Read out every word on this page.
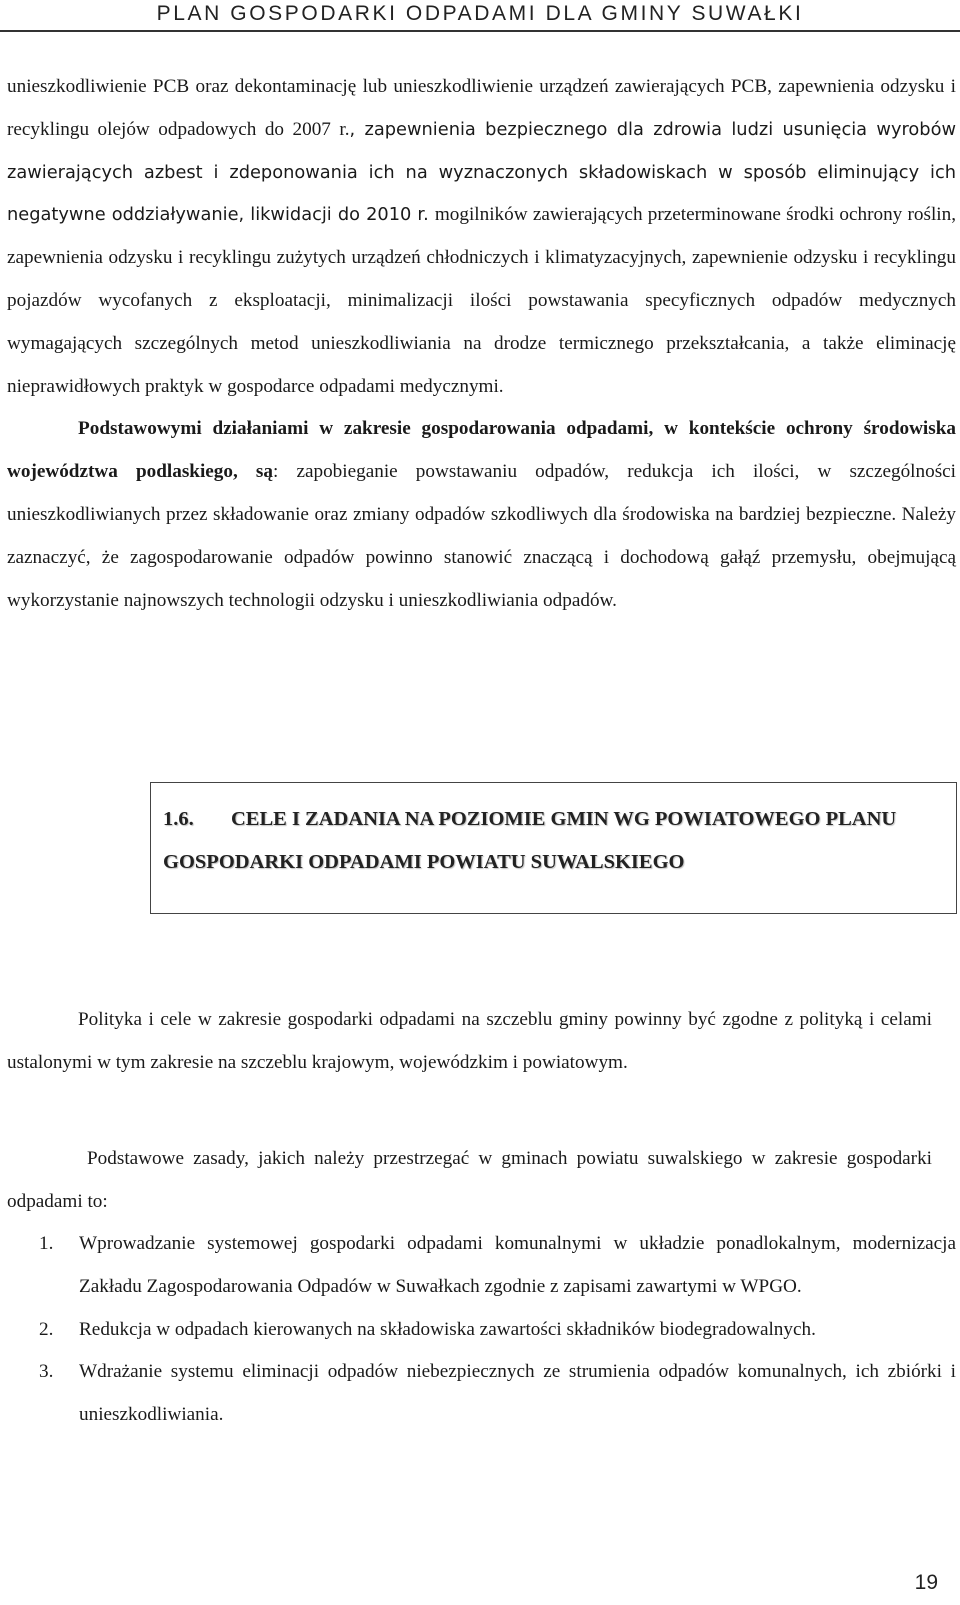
PLAN GOSPODARKI ODPADAMI DLA GMINY SUWAŁKI

unieszkodliwienie PCB oraz dekontaminację lub unieszkodliwienie urządzeń zawierających PCB, zapewnienia odzysku i recyklingu olejów odpadowych do 2007 r., zapewnienia bezpiecznego dla zdrowia ludzi usunięcia wyrobów zawierających azbest i zdeponowania ich na wyznaczonych składowiskach w sposób eliminujący ich negatywne oddziaływanie, likwidacji do 2010 r. mogilników zawierających przeterminowane środki ochrony roślin, zapewnienia odzysku i recyklingu zużytych urządzeń chłodniczych i klimatyzacyjnych, zapewnienie odzysku i recyklingu pojazdów wycofanych z eksploatacji, minimalizacji ilości powstawania specyficznych odpadów medycznych wymagających szczególnych metod unieszkodliwiania na drodze termicznego przekształcania, a także eliminację nieprawidłowych praktyk w gospodarce odpadami medycznymi.

Podstawowymi działaniami w zakresie gospodarowania odpadami, w kontekście ochrony środowiska województwa podlaskiego, są: zapobieganie powstawaniu odpadów, redukcja ich ilości, w szczególności unieszkodliwianych przez składowanie oraz zmiany odpadów szkodliwych dla środowiska na bardziej bezpieczne. Należy zaznaczyć, że zagospodarowanie odpadów powinno stanowić znaczącą i dochodową gałąź przemysłu, obejmującą wykorzystanie najnowszych technologii odzysku i unieszkodliwiania odpadów.

1.6. CELE I ZADANIA NA POZIOMIE GMIN WG POWIATOWEGO PLANU GOSPODARKI ODPADAMI POWIATU SUWALSKIEGO

Polityka i cele w zakresie gospodarki odpadami na szczeblu gminy powinny być zgodne z polityką i celami ustalonymi w tym zakresie na szczeblu krajowym, wojewódzkim i powiatowym.

Podstawowe zasady, jakich należy przestrzegać w gminach powiatu suwalskiego w zakresie gospodarki odpadami to:

1. Wprowadzanie systemowej gospodarki odpadami komunalnymi w układzie ponadlokalnym, modernizacja Zakładu Zagospodarowania Odpadów w Suwałkach zgodnie z zapisami zawartymi w WPGO.

2. Redukcja w odpadach kierowanych na składowiska zawartości składników biodegradowalnych.

3. Wdrażanie systemu eliminacji odpadów niebezpiecznych ze strumienia odpadów komunalnych, ich zbiórki i unieszkodliwiania.

19
